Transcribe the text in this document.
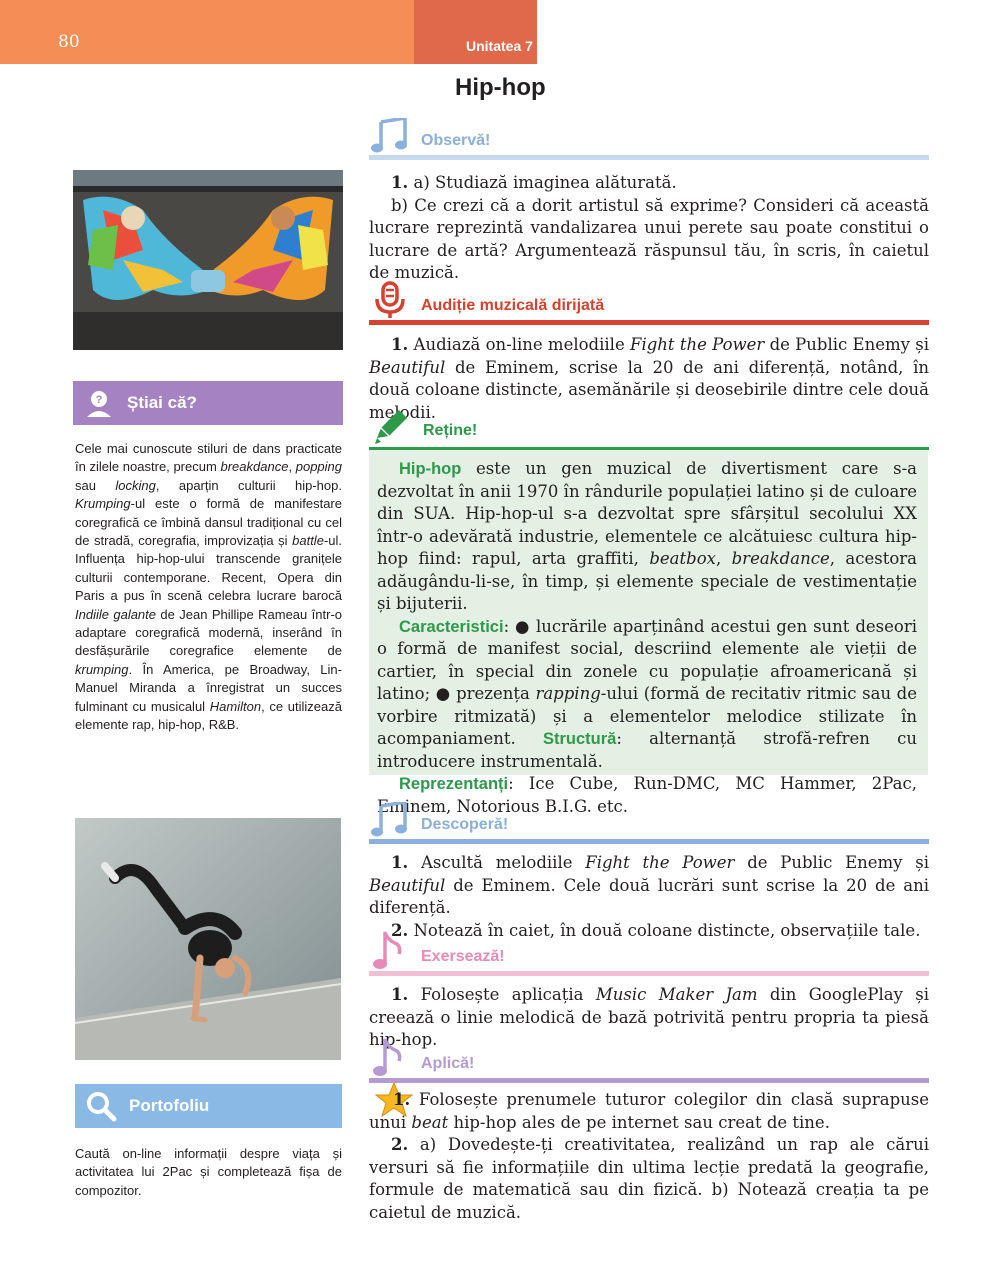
80	Unitatea 7
Hip-hop
Observă!

1. a) Studiază imaginea alăturată.

b) Ce crezi că a dorit artistul să exprime? Consideri că această lucrare reprezintă vandalizarea unui perete sau poate constitui o lucrare de artă? Argumentează răspunsul tău, în scris, în caietul de muzică.

Audiție muzicală dirijată

1. Audiază on-line melodiile Fight the Power de Public Enemy și Beautiful de Eminem, scrise la 20 de ani diferență, notând, în două coloane distincte, asemănările și deosebirile dintre cele două melodii.

Reține!

Hip-hop este un gen muzical de divertisment care s-a dezvoltat în anii 1970 în rândurile populației latino și de culoare din SUA. Hip-hop-ul s-a dezvoltat spre sfârșitul secolului XX într-o adevărată industrie, elementele ce alcătuiesc cultura hip-hop fiind: rapul, arta graffiti, beatbox, breakdance, acestora adăugându-li-se, în timp, și elemente speciale de vestimentație și bijuterii.

Caracteristici: ● lucrările aparținând acestui gen sunt deseori o formă de manifest social, descriind elemente ale vieții de cartier, în special din zonele cu populație afroamericană și latino; ● prezența rapping-ului (formă de recitativ ritmic sau de vorbire ritmizată) și a elementelor melodice stilizate în acompaniament. Structură: alternanță strofă-refren cu introducere instrumentală.

Reprezentanți: Ice Cube, Run-DMC, MC Hammer, 2Pac, Eminem, Notorious B.I.G. etc.

Descoperă!

1. Ascultă melodiile Fight the Power de Public Enemy și Beautiful de Eminem. Cele două lucrări sunt scrise la 20 de ani diferență.

2. Notează în caiet, în două coloane distincte, observațiile tale.

Exersează!

1. Folosește aplicația Music Maker Jam din GooglePlay și creează o linie melodică de bază potrivită pentru propria ta piesă hip-hop.

Aplică!

1. Folosește prenumele tuturor colegilor din clasă suprapuse unui beat hip-hop ales de pe internet sau creat de tine.

2. a) Dovedește-ți creativitatea, realizând un rap ale cărui versuri să fie informațiile din ultima lecție predată la geografie, formule de matematică sau din fizică. b) Notează creația ta pe caietul de muzică.

? Știai că?
Cele mai cunoscute stiluri de dans practicate în zilele noastre, precum breakdance, popping sau locking, aparțin culturii hip-hop. Krumping-ul este o formă de manifestare coregrafică ce îmbină dansul tradițional cu cel de stradă, coregrafia, improvizația și battle-ul. Influența hip-hop-ului transcende granițele culturii contemporane. Recent, Opera din Paris a pus în scenă celebra lucrare barocă Indiile galante de Jean Phillipe Rameau într-o adaptare coregrafică modernă, inserând în desfășurările coregrafice elemente de krumping. În America, pe Broadway, Lin-Manuel Miranda a înregistrat un succes fulminant cu musicalul Hamilton, ce utilizează elemente rap, hip-hop, R&B.
Portofoliu
Caută on-line informații despre viața și activitatea lui 2Pac și completează fișa de compozitor.
